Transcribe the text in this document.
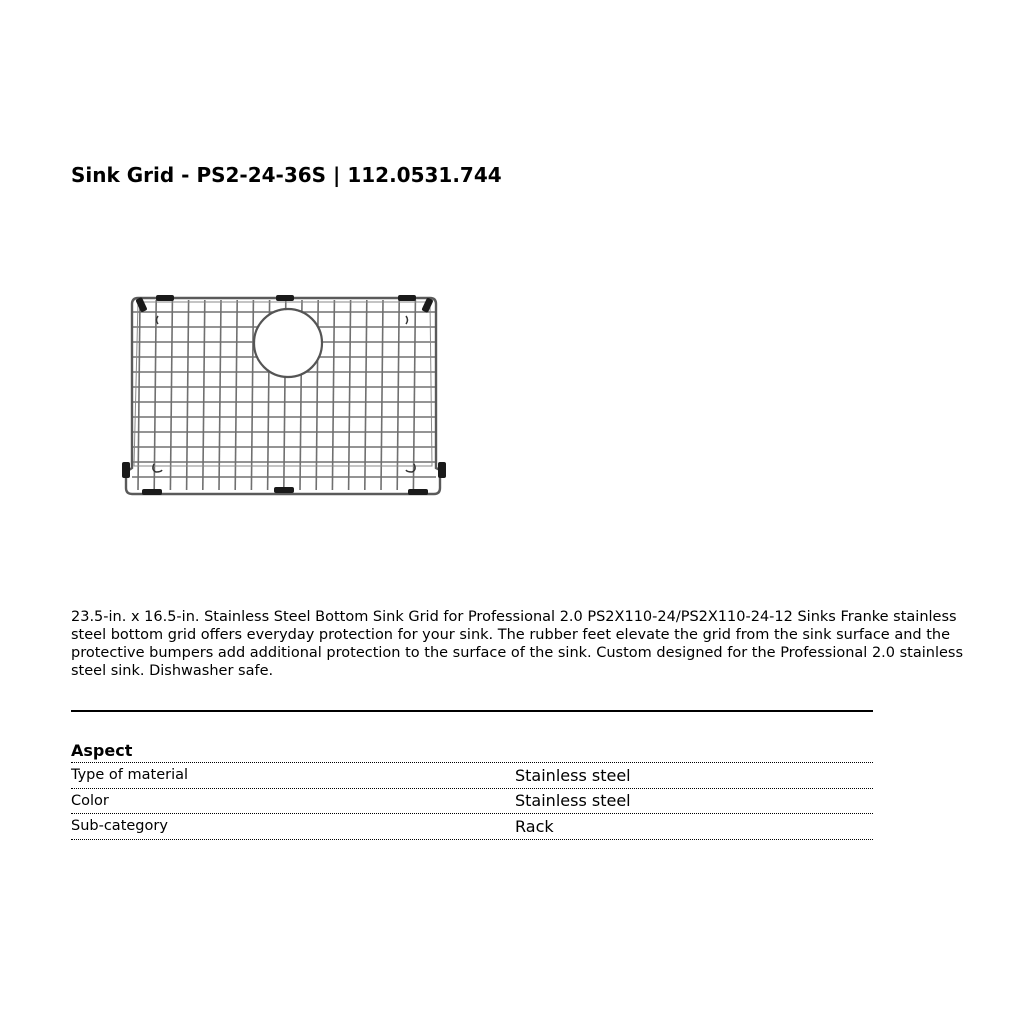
Sink Grid - PS2-24-36S | 112.0531.744
23.5-in. x 16.5-in. Stainless Steel Bottom Sink Grid for Professional 2.0 PS2X110-24/PS2X110-24-12 Sinks Franke stainless steel bottom grid offers everyday protection for your sink. The rubber feet elevate the grid from the sink surface and the protective bumpers add additional protection to the surface of the sink. Custom designed for the Professional 2.0 stainless steel sink. Dishwasher safe.
Aspect
Type of material	Stainless steel
Color	Stainless steel
Sub-category	Rack
